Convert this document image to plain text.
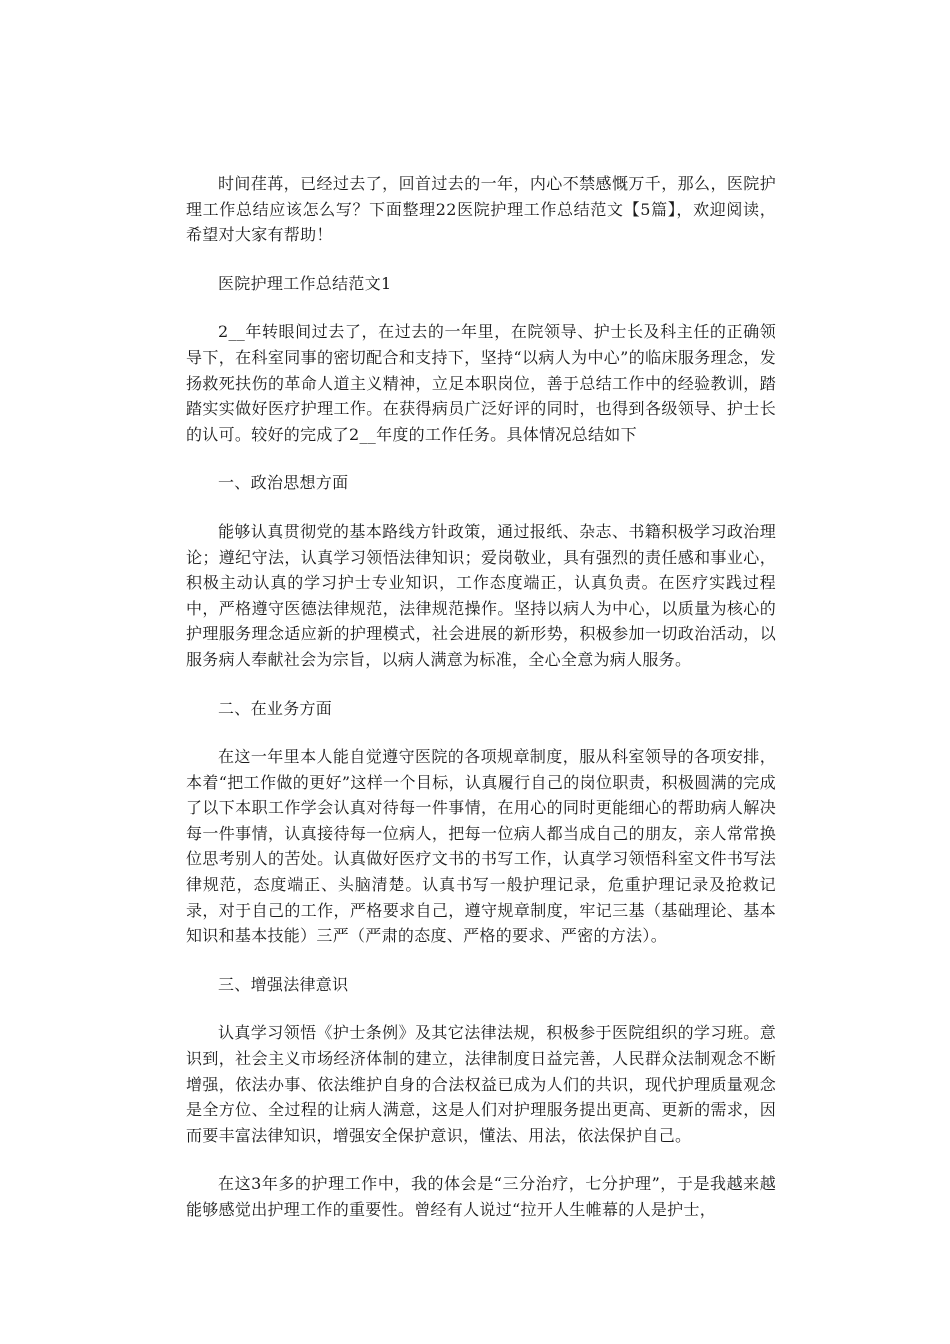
时间荏苒，已经过去了，回首过去的一年，内心不禁感慨万千，那么，医院护理工作总结应该怎么写？下面整理22医院护理工作总结范文【5篇】，欢迎阅读，希望对大家有帮助！

医院护理工作总结范文1

2__年转眼间过去了，在过去的一年里，在院领导、护士长及科主任的正确领导下，在科室同事的密切配合和支持下，坚持“以病人为中心”的临床服务理念，发扬救死扶伤的革命人道主义精神，立足本职岗位，善于总结工作中的经验教训，踏踏实实做好医疗护理工作。在获得病员广泛好评的同时，也得到各级领导、护士长的认可。较好的完成了2__年度的工作任务。具体情况总结如下

一、政治思想方面

能够认真贯彻党的基本路线方针政策，通过报纸、杂志、书籍积极学习政治理论；遵纪守法，认真学习领悟法律知识；爱岗敬业，具有强烈的责任感和事业心，积极主动认真的学习护士专业知识，工作态度端正，认真负责。在医疗实践过程中，严格遵守医德法律规范，法律规范操作。坚持以病人为中心，以质量为核心的护理服务理念适应新的护理模式，社会进展的新形势，积极参加一切政治活动，以服务病人奉献社会为宗旨，以病人满意为标准，全心全意为病人服务。

二、在业务方面

在这一年里本人能自觉遵守医院的各项规章制度，服从科室领导的各项安排，本着“把工作做的更好”这样一个目标，认真履行自己的岗位职责，积极圆满的完成了以下本职工作学会认真对待每一件事情，在用心的同时更能细心的帮助病人解决每一件事情，认真接待每一位病人，把每一位病人都当成自己的朋友，亲人常常换位思考别人的苦处。认真做好医疗文书的书写工作，认真学习领悟科室文件书写法律规范，态度端正、头脑清楚。认真书写一般护理记录，危重护理记录及抢救记录，对于自己的工作，严格要求自己，遵守规章制度，牢记三基（基础理论、基本知识和基本技能）三严（严肃的态度、严格的要求、严密的方法）。

三、增强法律意识

认真学习领悟《护士条例》及其它法律法规，积极参于医院组织的学习班。意识到，社会主义市场经济体制的建立，法律制度日益完善，人民群众法制观念不断增强，依法办事、依法维护自身的合法权益已成为人们的共识，现代护理质量观念是全方位、全过程的让病人满意，这是人们对护理服务提出更高、更新的需求，因而要丰富法律知识，增强安全保护意识，懂法、用法，依法保护自己。

在这3年多的护理工作中，我的体会是“三分治疗，七分护理”，于是我越来越能够感觉出护理工作的重要性。曾经有人说过“拉开人生帷幕的人是护士，
